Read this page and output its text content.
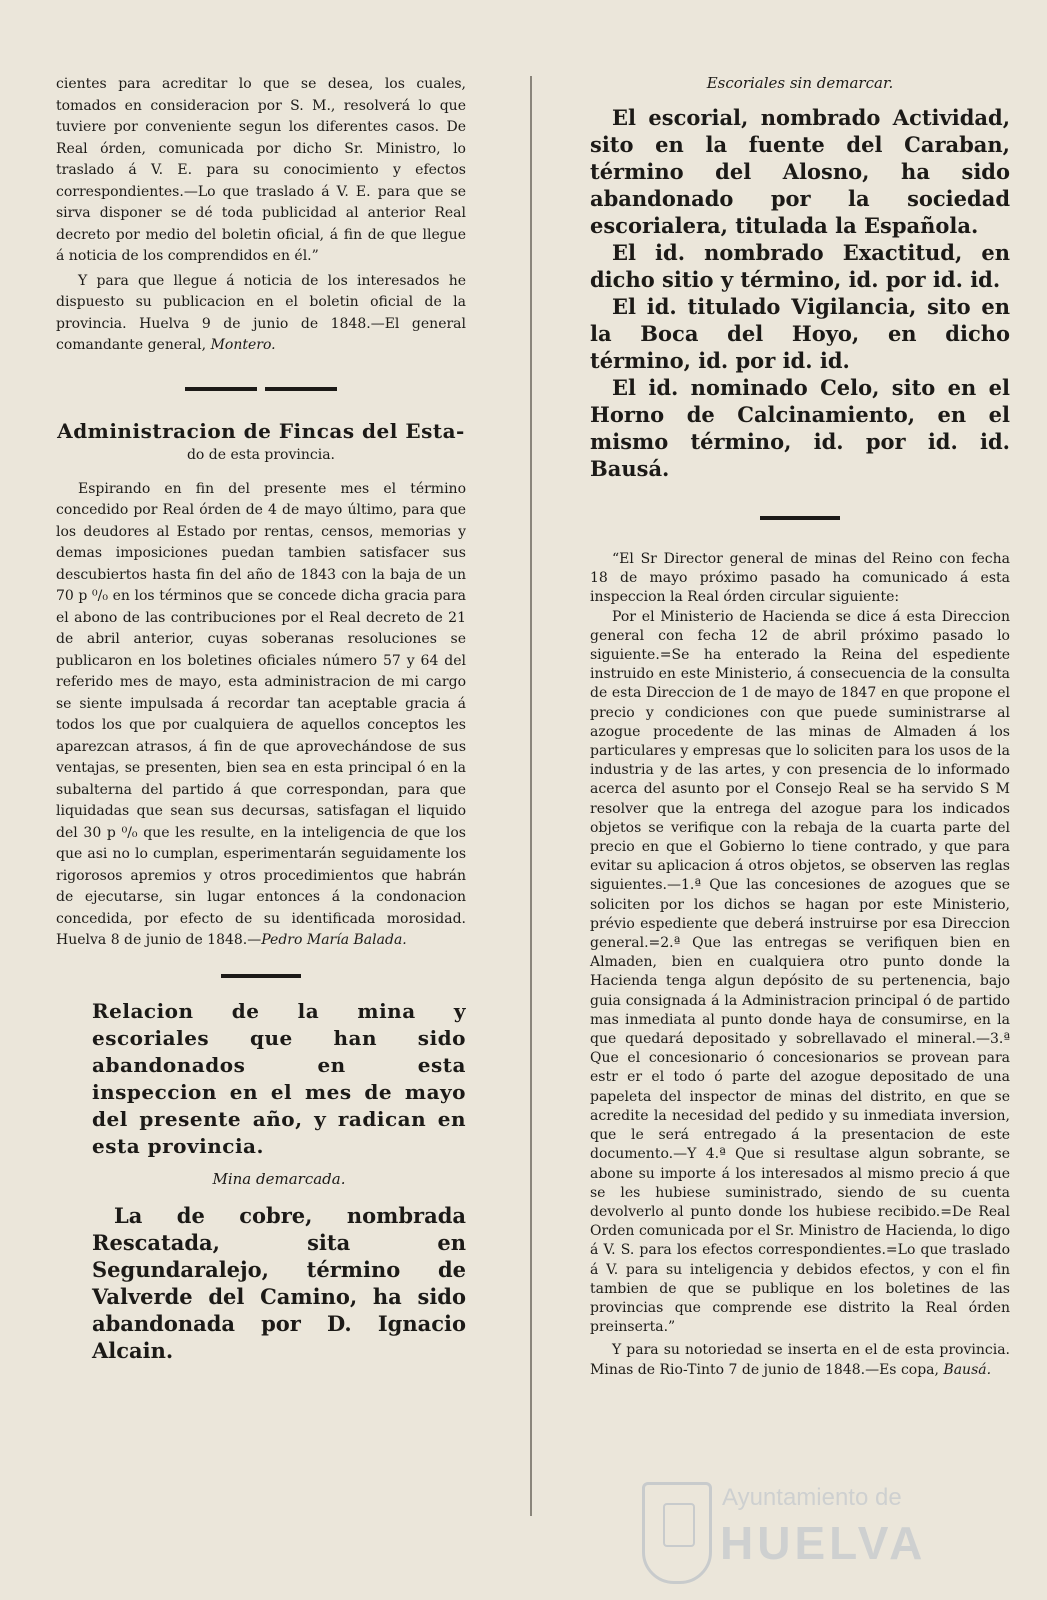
cientes para acreditar lo que se desea, los cuales, tomados en consideracion por S. M., resolverá lo que tuviere por conveniente segun los diferentes casos. De Real órden, comunicada por dicho Sr. Ministro, lo traslado á V. E. para su conocimiento y efectos correspondientes.—Lo que traslado á V. E. para que se sirva disponer se dé toda publicidad al anterior Real decreto por medio del boletin oficial, á fin de que llegue á noticia de los comprendidos en él.”

Y para que llegue á noticia de los interesados he dispuesto su publicacion en el boletin oficial de la provincia. Huelva 9 de junio de 1848.—El general comandante general, Montero.

Administracion de Fincas del Esta-
do de esta provincia.

Espirando en fin del presente mes el término concedido por Real órden de 4 de mayo último, para que los deudores al Estado por rentas, censos, memorias y demas imposiciones puedan tambien satisfacer sus descubiertos hasta fin del año de 1843 con la baja de un 70 p ⁰/₀ en los términos que se concede dicha gracia para el abono de las contribuciones por el Real decreto de 21 de abril anterior, cuyas soberanas resoluciones se publicaron en los boletines oficiales número 57 y 64 del referido mes de mayo, esta administracion de mi cargo se siente impulsada á recordar tan aceptable gracia á todos los que por cualquiera de aquellos conceptos les aparezcan atrasos, á fin de que aprovechándose de sus ventajas, se presenten, bien sea en esta principal ó en la subalterna del partido á que correspondan, para que liquidadas que sean sus decursas, satisfagan el liquido del 30 p ⁰/₀ que les resulte, en la inteligencia de que los que asi no lo cumplan, esperimentarán seguidamente los rigorosos apremios y otros procedimientos que habrán de ejecutarse, sin lugar entonces á la condonacion concedida, por efecto de su identificada morosidad. Huelva 8 de junio de 1848.—Pedro María Balada.

Relacion de la mina y escoriales que han sido abandonados en esta inspeccion en el mes de mayo del presente año, y radican en esta provincia.

Mina demarcada.

La de cobre, nombrada Rescatada, sita en Segundaralejo, término de Valverde del Camino, ha sido abandonada por D. Ignacio Alcain.

Escoriales sin demarcar.

El escorial, nombrado Actividad, sito en la fuente del Caraban, término del Alosno, ha sido abandonado por la sociedad escorialera, titulada la Española.

El id. nombrado Exactitud, en dicho sitio y término, id. por id. id.

El id. titulado Vigilancia, sito en la Boca del Hoyo, en dicho término, id. por id. id.

El id. nominado Celo, sito en el Horno de Calcinamiento, en el mismo término, id. por id. id. Bausá.

“El Sr Director general de minas del Reino con fecha 18 de mayo próximo pasado ha comunicado á esta inspeccion la Real órden circular siguiente:

Por el Ministerio de Hacienda se dice á esta Direccion general con fecha 12 de abril próximo pasado lo siguiente.=Se ha enterado la Reina del espediente instruido en este Ministerio, á consecuencia de la consulta de esta Direccion de 1 de mayo de 1847 en que propone el precio y condiciones con que puede suministrarse al azogue procedente de las minas de Almaden á los particulares y empresas que lo soliciten para los usos de la industria y de las artes, y con presencia de lo informado acerca del asunto por el Consejo Real se ha servido S M resolver que la entrega del azogue para los indicados objetos se verifique con la rebaja de la cuarta parte del precio en que el Gobierno lo tiene contrado, y que para evitar su aplicacion á otros objetos, se observen las reglas siguientes.—1.ª Que las concesiones de azogues que se soliciten por los dichos se hagan por este Ministerio, prévio espediente que deberá instruirse por esa Direccion general.=2.ª Que las entregas se verifiquen bien en Almaden, bien en cualquiera otro punto donde la Hacienda tenga algun depósito de su pertenencia, bajo guia consignada á la Administracion principal ó de partido mas inmediata al punto donde haya de consumirse, en la que quedará depositado y sobrellavado el mineral.—3.ª Que el concesionario ó concesionarios se provean para estr er el todo ó parte del azogue depositado de una papeleta del inspector de minas del distrito, en que se acredite la necesidad del pedido y su inmediata inversion, que le será entregado á la presentacion de este documento.—Y 4.ª Que si resultase algun sobrante, se abone su importe á los interesados al mismo precio á que se les hubiese suministrado, siendo de su cuenta devolverlo al punto donde los hubiese recibido.=De Real Orden comunicada por el Sr. Ministro de Hacienda, lo digo á V. S. para los efectos correspondientes.=Lo que traslado á V. para su inteligencia y debidos efectos, y con el fin tambien de que se publique en los boletines de las provincias que comprende ese distrito la Real órden preinserta.”

Y para su notoriedad se inserta en el de esta provincia. Minas de Rio-Tinto 7 de junio de 1848.—Es copa, Bausá.

Ayuntamiento de
HUELVA
